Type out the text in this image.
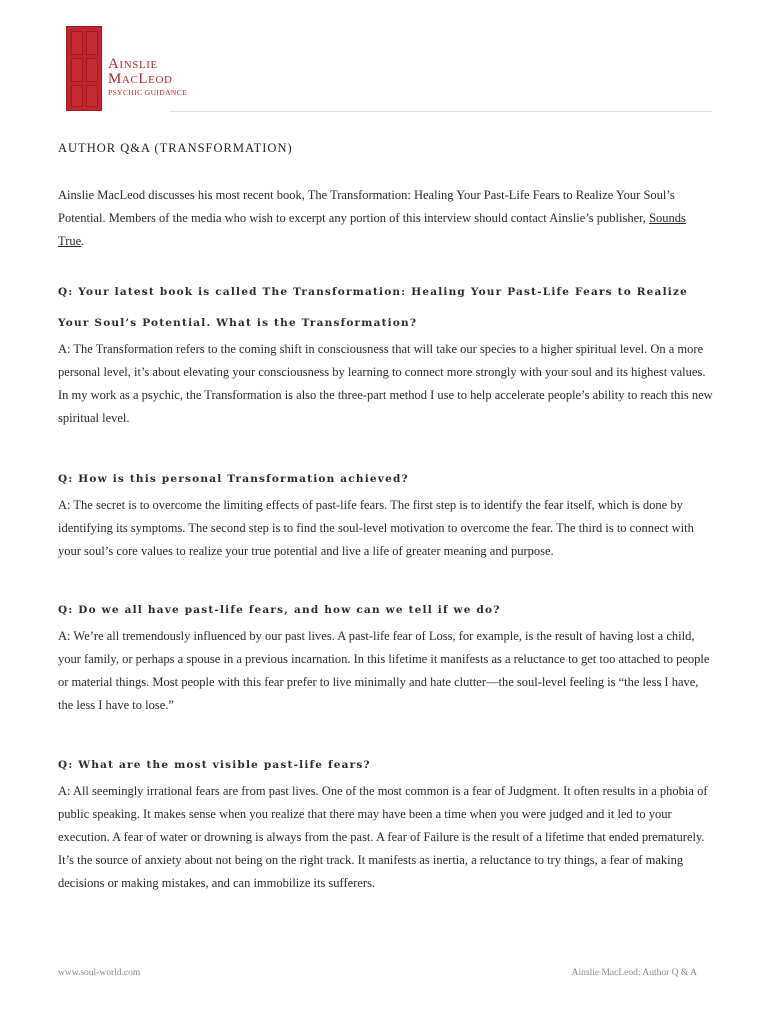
Ainslie
MacLeod
PSYCHIC GUIDANCE
AUTHOR Q&A (TRANSFORMATION)
Ainslie MacLeod discusses his most recent book, The Transformation: Healing Your Past-Life Fears to Realize Your Soul’s Potential. Members of the media who wish to excerpt any portion of this interview should contact Ainslie’s publisher, Sounds True.
Q: Your latest book is called The Transformation: Healing Your Past-Life Fears to Realize Your Soul’s Potential. What is the Transformation?
A: The Transformation refers to the coming shift in consciousness that will take our species to a higher spiritual level. On a more personal level, it’s about elevating your consciousness by learning to connect more strongly with your soul and its highest values. In my work as a psychic, the Transformation is also the three-part method I use to help accelerate people’s ability to reach this new spiritual level.
Q: How is this personal Transformation achieved?
A: The secret is to overcome the limiting effects of past-life fears. The first step is to identify the fear itself, which is done by identifying its symptoms. The second step is to find the soul-level motivation to overcome the fear. The third is to connect with your soul’s core values to realize your true potential and live a life of greater meaning and purpose.
Q: Do we all have past-life fears, and how can we tell if we do?
A: We’re all tremendously influenced by our past lives. A past-life fear of Loss, for example, is the result of having lost a child, your family, or perhaps a spouse in a previous incarnation. In this lifetime it manifests as a reluctance to get too attached to people or material things. Most people with this fear prefer to live minimally and hate clutter—the soul-level feeling is “the less I have, the less I have to lose.”
Q: What are the most visible past-life fears?
A: All seemingly irrational fears are from past lives. One of the most common is a fear of Judgment. It often results in a phobia of public speaking. It makes sense when you realize that there may have been a time when you were judged and it led to your execution. A fear of water or drowning is always from the past. A fear of Failure is the result of a lifetime that ended prematurely. It’s the source of anxiety about not being on the right track. It manifests as inertia, a reluctance to try things, a fear of making decisions or making mistakes, and can immobilize its sufferers.
www.soul-world.com	Ainslie MacLeod: Author Q & A
